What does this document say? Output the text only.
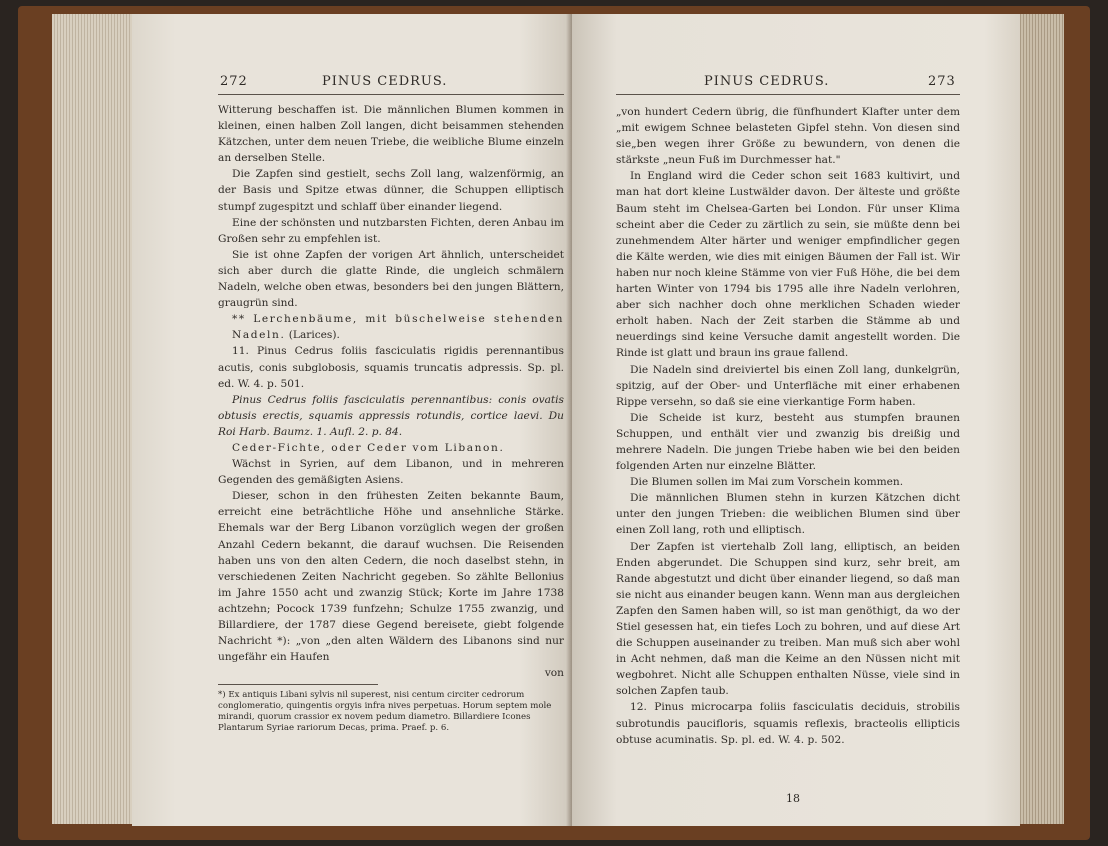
272	PINUS CEDRUS.

Witterung beschaffen ist. Die männlichen Blumen kommen in kleinen, einen halben Zoll langen, dicht beisammen stehenden Kätzchen, unter dem neuen Triebe, die weibliche Blume einzeln an derselben Stelle.

Die Zapfen sind gestielt, sechs Zoll lang, walzenförmig, an der Basis und Spitze etwas dünner, die Schuppen elliptisch stumpf zugespitzt und schlaff über einander liegend.

Eine der schönsten und nutzbarsten Fichten, deren Anbau im Großen sehr zu empfehlen ist.

Sie ist ohne Zapfen der vorigen Art ähnlich, unterscheidet sich aber durch die glatte Rinde, die ungleich schmälern Nadeln, welche oben etwas, besonders bei den jungen Blättern, graugrün sind.

** Lerchenbäume, mit büschelweise stehenden Nadeln. (Larices).

11. Pinus Cedrus foliis fasciculatis rigidis perennantibus acutis, conis subglobosis, squamis truncatis adpressis. Sp. pl. ed. W. 4. p. 501.

Pinus Cedrus foliis fasciculatis perennantibus: conis ovatis obtusis erectis, squamis appressis rotundis, cortice laevi. Du Roi Harb. Baumz. 1. Aufl. 2. p. 84.

Ceder-Fichte, oder Ceder vom Libanon.

Wächst in Syrien, auf dem Libanon, und in mehreren Gegenden des gemäßigten Asiens.

Dieser, schon in den frühesten Zeiten bekannte Baum, erreicht eine beträchtliche Höhe und ansehnliche Stärke. Ehemals war der Berg Libanon vorzüglich wegen der großen Anzahl Cedern bekannt, die darauf wuchsen. Die Reisenden haben uns von den alten Cedern, die noch daselbst stehn, in verschiedenen Zeiten Nachricht gegeben. So zählte Bellonius im Jahre 1550 acht und zwanzig Stück; Korte im Jahre 1738 achtzehn; Pocock 1739 funfzehn; Schulze 1755 zwanzig, und Billardiere, der 1787 diese Gegend bereisete, giebt folgende Nachricht *): „von „den alten Wäldern des Libanons sind nur ungefähr ein Haufen

von

*) Ex antiquis Libani sylvis nil superest, nisi centum circiter cedrorum conglomeratio, quingentis orgyis infra nives perpetuas. Horum septem mole mirandi, quorum crassior ex novem pedum diametro. Billardiere Icones Plantarum Syriae rariorum Decas, prima. Praef. p. 6.
PINUS CEDRUS.	273

„von hundert Cedern übrig, die fünfhundert Klafter unter dem „mit ewigem Schnee belasteten Gipfel stehn. Von diesen sind sie„ben wegen ihrer Größe zu bewundern, von denen die stärkste „neun Fuß im Durchmesser hat."

In England wird die Ceder schon seit 1683 kultivirt, und man hat dort kleine Lustwälder davon. Der älteste und größte Baum steht im Chelsea-Garten bei London. Für unser Klima scheint aber die Ceder zu zärtlich zu sein, sie müßte denn bei zunehmendem Alter härter und weniger empfindlicher gegen die Kälte werden, wie dies mit einigen Bäumen der Fall ist. Wir haben nur noch kleine Stämme von vier Fuß Höhe, die bei dem harten Winter von 1794 bis 1795 alle ihre Nadeln verlohren, aber sich nachher doch ohne merklichen Schaden wieder erholt haben. Nach der Zeit starben die Stämme ab und neuerdings sind keine Versuche damit angestellt worden. Die Rinde ist glatt und braun ins graue fallend.

Die Nadeln sind dreiviertel bis einen Zoll lang, dunkelgrün, spitzig, auf der Ober- und Unterfläche mit einer erhabenen Rippe versehn, so daß sie eine vierkantige Form haben.

Die Scheide ist kurz, besteht aus stumpfen braunen Schuppen, und enthält vier und zwanzig bis dreißig und mehrere Nadeln. Die jungen Triebe haben wie bei den beiden folgenden Arten nur einzelne Blätter.

Die Blumen sollen im Mai zum Vorschein kommen.

Die männlichen Blumen stehn in kurzen Kätzchen dicht unter den jungen Trieben: die weiblichen Blumen sind über einen Zoll lang, roth und elliptisch.

Der Zapfen ist viertehalb Zoll lang, elliptisch, an beiden Enden abgerundet. Die Schuppen sind kurz, sehr breit, am Rande abgestutzt und dicht über einander liegend, so daß man sie nicht aus einander beugen kann. Wenn man aus dergleichen Zapfen den Samen haben will, so ist man genöthigt, da wo der Stiel gesessen hat, ein tiefes Loch zu bohren, und auf diese Art die Schuppen auseinander zu treiben. Man muß sich aber wohl in Acht nehmen, daß man die Keime an den Nüssen nicht mit wegbohret. Nicht alle Schuppen enthalten Nüsse, viele sind in solchen Zapfen taub.

12. Pinus microcarpa foliis fasciculatis deciduis, strobilis subrotundis paucifloris, squamis reflexis, bracteolis ellipticis obtuse acuminatis. Sp. pl. ed. W. 4. p. 502.

18
